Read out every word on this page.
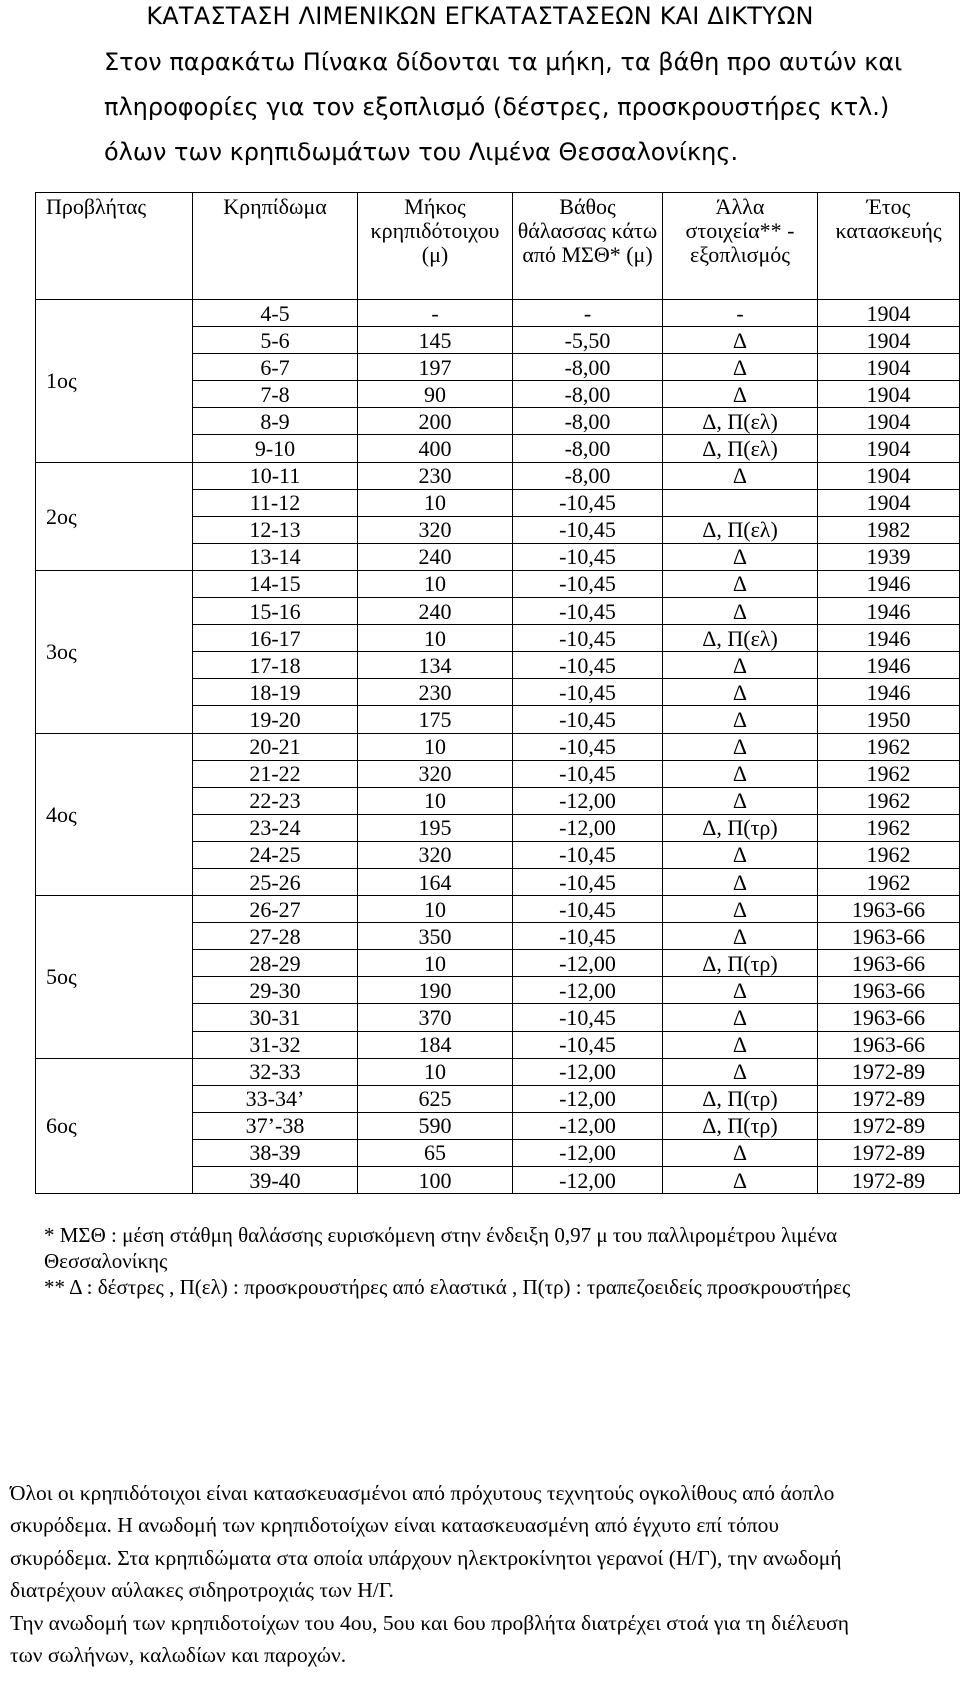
ΚΑΤΑΣΤΑΣΗ ΛΙΜΕΝΙΚΩΝ ΕΓΚΑΤΑΣΤΑΣΕΩΝ ΚΑΙ ΔΙΚΤΥΩΝ
Στον παρακάτω Πίνακα δίδονται τα μήκη, τα βάθη προ αυτών και
πληροφορίες για τον εξοπλισμό (δέστρες, προσκρουστήρες κτλ.)
όλων των κρηπιδωμάτων του Λιμένα Θεσσαλονίκης.
Προβλήτας	Κρηπίδωμα	Μήκος κρηπιδότοιχου (μ)	Βάθος θάλασσας κάτω από ΜΣΘ* (μ)	Άλλα στοιχεία** - εξοπλισμός	Έτος κατασκευής
1ος	4-5	-	-	-	1904
	5-6	145	-5,50	Δ	1904
	6-7	197	-8,00	Δ	1904
	7-8	90	-8,00	Δ	1904
	8-9	200	-8,00	Δ, Π(ελ)	1904
	9-10	400	-8,00	Δ, Π(ελ)	1904
2ος	10-11	230	-8,00	Δ	1904
	11-12	10	-10,45		1904
	12-13	320	-10,45	Δ, Π(ελ)	1982
	13-14	240	-10,45	Δ	1939
3ος	14-15	10	-10,45	Δ	1946
	15-16	240	-10,45	Δ	1946
	16-17	10	-10,45	Δ, Π(ελ)	1946
	17-18	134	-10,45	Δ	1946
	18-19	230	-10,45	Δ	1946
	19-20	175	-10,45	Δ	1950
4ος	20-21	10	-10,45	Δ	1962
	21-22	320	-10,45	Δ	1962
	22-23	10	-12,00	Δ	1962
	23-24	195	-12,00	Δ, Π(τρ)	1962
	24-25	320	-10,45	Δ	1962
	25-26	164	-10,45	Δ	1962
5ος	26-27	10	-10,45	Δ	1963-66
	27-28	350	-10,45	Δ	1963-66
	28-29	10	-12,00	Δ, Π(τρ)	1963-66
	29-30	190	-12,00	Δ	1963-66
	30-31	370	-10,45	Δ	1963-66
	31-32	184	-10,45	Δ	1963-66
6ος	32-33	10	-12,00	Δ	1972-89
	33-34’	625	-12,00	Δ, Π(τρ)	1972-89
	37’-38	590	-12,00	Δ, Π(τρ)	1972-89
	38-39	65	-12,00	Δ	1972-89
	39-40	100	-12,00	Δ	1972-89
* ΜΣΘ : μέση στάθμη θαλάσσης ευρισκόμενη στην ένδειξη 0,97 μ του παλλιρομέτρου λιμένα Θεσσαλονίκης
** Δ : δέστρες , Π(ελ) : προσκρουστήρες από ελαστικά , Π(τρ) : τραπεζοειδείς προσκρουστήρες
Όλοι οι κρηπιδότοιχοι είναι κατασκευασμένοι από πρόχυτους τεχνητούς ογκολίθους από άοπλο
σκυρόδεμα. Η ανωδομή των κρηπιδοτοίχων είναι κατασκευασμένη από έγχυτο επί τόπου
σκυρόδεμα. Στα κρηπιδώματα στα οποία υπάρχουν ηλεκτροκίνητοι γερανοί (Η/Γ), την ανωδομή
διατρέχουν αύλακες σιδηροτροχιάς των Η/Γ.
Την ανωδομή των κρηπιδοτοίχων του 4ου, 5ου και 6ου προβλήτα διατρέχει στοά για τη διέλευση
των σωλήνων, καλωδίων και παροχών.
